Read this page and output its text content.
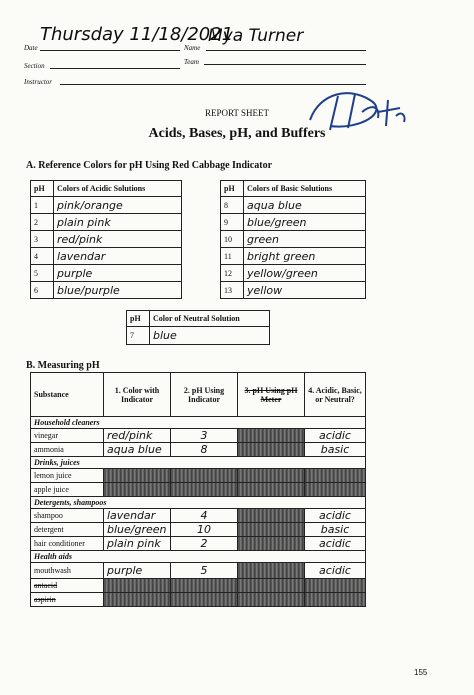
Date
Thursday 11/18/2021
Name
Mya Turner
Section	Team
Instructor
REPORT SHEET
Acids, Bases, pH, and Buffers
A. Reference Colors for pH Using Red Cabbage Indicator
pH	Colors of Acidic Solutions
1	pink/orange
2	plain pink
3	red/pink
4	lavendar
5	purple
6	blue/purple
pH	Colors of Basic Solutions
8	aqua blue
9	blue/green
10	green
11	bright green
12	yellow/green
13	yellow
pH	Color of Neutral Solution
7	blue
B. Measuring pH
Substance	1. Color with Indicator	2. pH Using Indicator	3. pH Using pH Meter	4. Acidic, Basic, or Neutral?
Household cleaners				
vinegar	red/pink	3		acidic
ammonia	aqua blue	8		basic
Drinks, juices				
lemon juice				
apple juice				
Detergents, shampoos				
shampoo	lavendar	4		acidic
detergent	blue/green	10		basic
hair conditioner	plain pink	2		acidic
Health aids				
mouthwash	purple	5		acidic
antacid				
aspirin				
155
